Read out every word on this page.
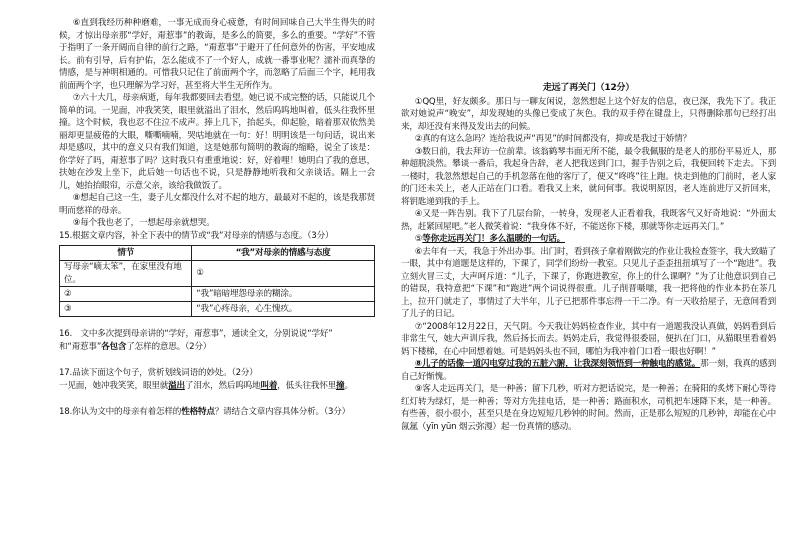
⑥直到我经历种种磨难，一事无成而身心疲惫，有时间回味自己大半生得失的时候，才惊出母亲那“学好，甭惹事”的教诲，是多么的简要，多么的重要。“学好”不管于指明了一条开阔而自律的前行之路，“甭惹事”于避开了任何意外的伤害，平安地成长。前有引导，后有护佑，怎么能成不了一个好人，成就一番事业呢？濡补而真挚的情感，是与神明相通的。可惜我只记住了前面两个字，而忽略了后面三个字，耗用我前面两个字，也只理解为学习好，甚至将大半生无所作为。

⑦六十大几，母亲病逝，每年我都要回去看望。她已说不成完整的话，只能说几个简单的词。一见面，冲我笑笑，眼里就溢出了泪水，然后呜呜地叫着，低头往我怀里撞。这个时候，我也忍不住泣不成声。捧上几下，抬起头，仰起脸，暗着那双依然美丽却更显疲倦的大眼，嘶嘶喃喃，哭咕地就在一句：好！明明该是一句问话，说出来却是感叹，其中的意义只有我们知道，这是她那句简明的教诲的缩略，说全了该是：你学好了吗，甭惹事了吗？这时我只有重重地说：好，好着哩！她明白了我的意思，扶她在沙发上坐下，此后她一句话也不说，只是静静地听我和父亲谈话。隔上一会儿，她抬抬眼帘，示意父亲，该给我做饭了。

⑧想起自己这一生，妻子儿女都没什么对不起的地方，最最对不起的，该是我那贤明而慈祥的母亲。

⑨每个我也老了，一想起母亲就想哭。

15.根据文章内容，补全下表中的情节或“我”对母亲的情感与态度。（3分）

情节	“我”对母亲的情感与态度
写母亲“嘀太笨”，在家里没有地位。	①
②	“我”暗暗埋怨母亲的糊涂。
③	“我”心疼母亲，心生愧疚。

16.　文中多次提到母亲讲的“学好，甭惹事”，通读全文，分别说说“学好”

和“甭惹事”各包含了怎样的意思。（2分）

17.品读下面这个句子，赏析划线词语的妙处。（2分）

一见面，她冲我笑笑，眼里就溢出了泪水，然后呜呜地叫着，低头往我怀里撞。

18.你认为文中的母亲有着怎样的性格特点？请结合文章内容具体分析。（3分）

走远了再关门（12分）

①QQ里，好友颇多。那日与一聊友闲说，忽然想起上这个好友的信息，夜已深，我先下了。我正欲对她说声“晚安”，却发现她的头像已变成了灰色。我的双手停在键盘上，只得删除那句已经打出来，却还没有来得及发出去的问候。

②真的有这么急吗？连给我说声“再见”的时间都没有，抑或是我过于娇情？

③数日前，我去拜访一位前辈。该翁鹤琴韦面无所不能，最令我佩服的是老人的那份平易近人，那种超脱淡然。攀谈一番后，我起身告辞，老人把我送到门口，握手告别之后，我便回转下走去。下到一楼时，我忽然想起自己的手机忽落在他的客厅了，便又“咚咚”往上跑。快走到他的门前时，老人家的门还未关上，老人正站在门口看。看我又上来，就问何事。我说明原因，老人连前进厅又折回来，将钥匙递到我的手上。

④又是一阵告别。我下了几层台阶，一转身，发现老人正看着我，我既客气又好奇地说：“外面太热，赶紧回屋吧。”老人微笑着说：“我身体不好，不能送你下楼，那就等你走远再关门。”

⑤等你走远再关门！多么温暖的一句话。

⑥去年有一天，我急于外出办事。出门时，看到孩子拿着刚做完的作业让我检查签字，我大致瞄了一眼，其中有道题是这样的，下课了，同学们纷纷一教室。只见儿子歪歪扭扭填写了一个“跑进”。我立刻火冒三丈，大声呵斥道：“儿子，下课了，你跑进教室，你上的什么课啊？”为了让他意识到自己的错误，我特意把“下课”和“跑进”两个词说得很重。儿子削晋嗫嚅，我一把将他的作业本扔在茶几上，拉开门就走了，事情过了大半年，儿子已把那件事忘得一干二净。有一天收拾屋子，无意间看到了儿子的日记。

⑦“2008年12月22日，天气阴。今天我让妈妈检查作业，其中有一道题我没认真做，妈妈看到后非常生气，她大声训斥我，然后扬长而去。妈妈走后，我觉得很委屈，便扒在门口，从猫眼里看着妈妈下楼梯，在心中回想着她。可是妈妈头也不回，哪怕为我冲着门口看一眼也好啊！”

⑧儿子的话像一道闪电穿过我的五脏六腑，让我深刻领悟到一种触电的感觉。那一刻，我真的感到自己好惭愧。

⑨客人走远再关门，是一种善；留下几秒，听对方把话说完，是一种善；在骑阳的炙烤下耐心等待红灯转为绿灯，是一种善；等对方先挂电话，是一种善；路面积水，司机把车速降下来，是一种善。有些善，很小很小，甚至只是在身边短短几秒钟的时间。然而，正是那么短短的几秒钟，却能在心中氤氲（yīn yūn 烟云弥漫）起一份真情的感动。
